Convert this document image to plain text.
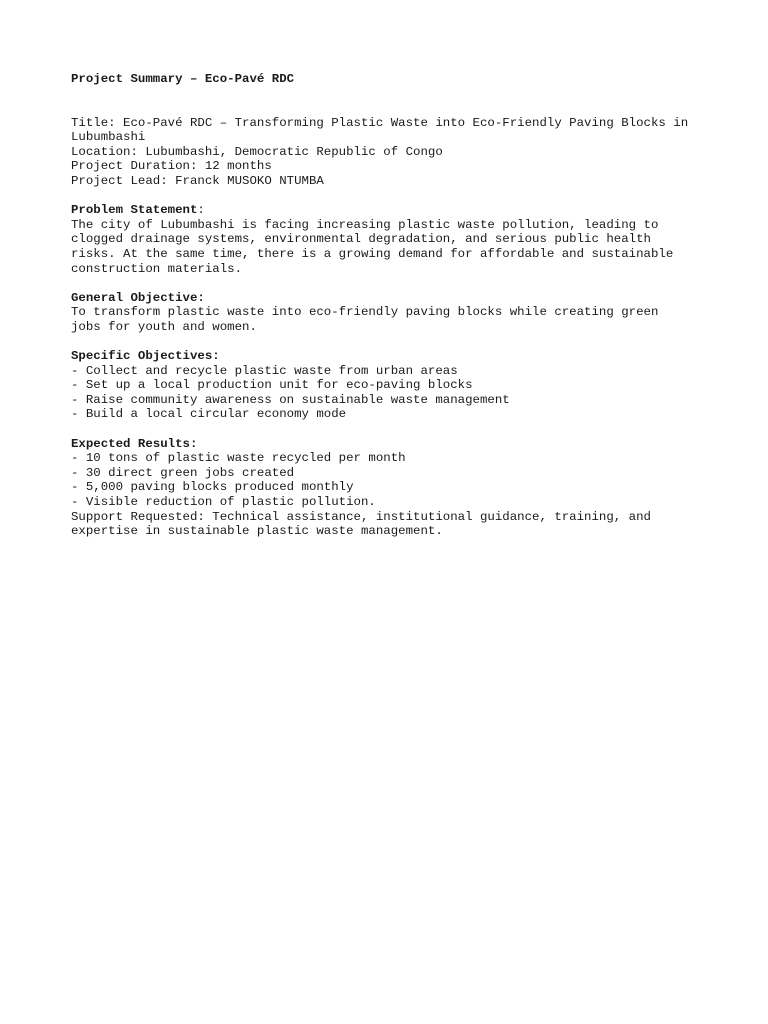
Project Summary – Eco-Pavé RDC
Title: Eco-Pavé RDC – Transforming Plastic Waste into Eco-Friendly Paving Blocks in
Lubumbashi
Location: Lubumbashi, Democratic Republic of Congo
Project Duration: 12 months
Project Lead: Franck MUSOKO NTUMBA
Problem Statement:
The city of Lubumbashi is facing increasing plastic waste pollution, leading to
clogged drainage systems, environmental degradation, and serious public health
risks. At the same time, there is a growing demand for affordable and sustainable
construction materials.
General Objective:
To transform plastic waste into eco-friendly paving blocks while creating green
jobs for youth and women.
Specific Objectives:
- Collect and recycle plastic waste from urban areas
- Set up a local production unit for eco-paving blocks
- Raise community awareness on sustainable waste management
- Build a local circular economy mode
Expected Results:
- 10 tons of plastic waste recycled per month
- 30 direct green jobs created
- 5,000 paving blocks produced monthly
- Visible reduction of plastic pollution.
Support Requested: Technical assistance, institutional guidance, training, and
expertise in sustainable plastic waste management.
